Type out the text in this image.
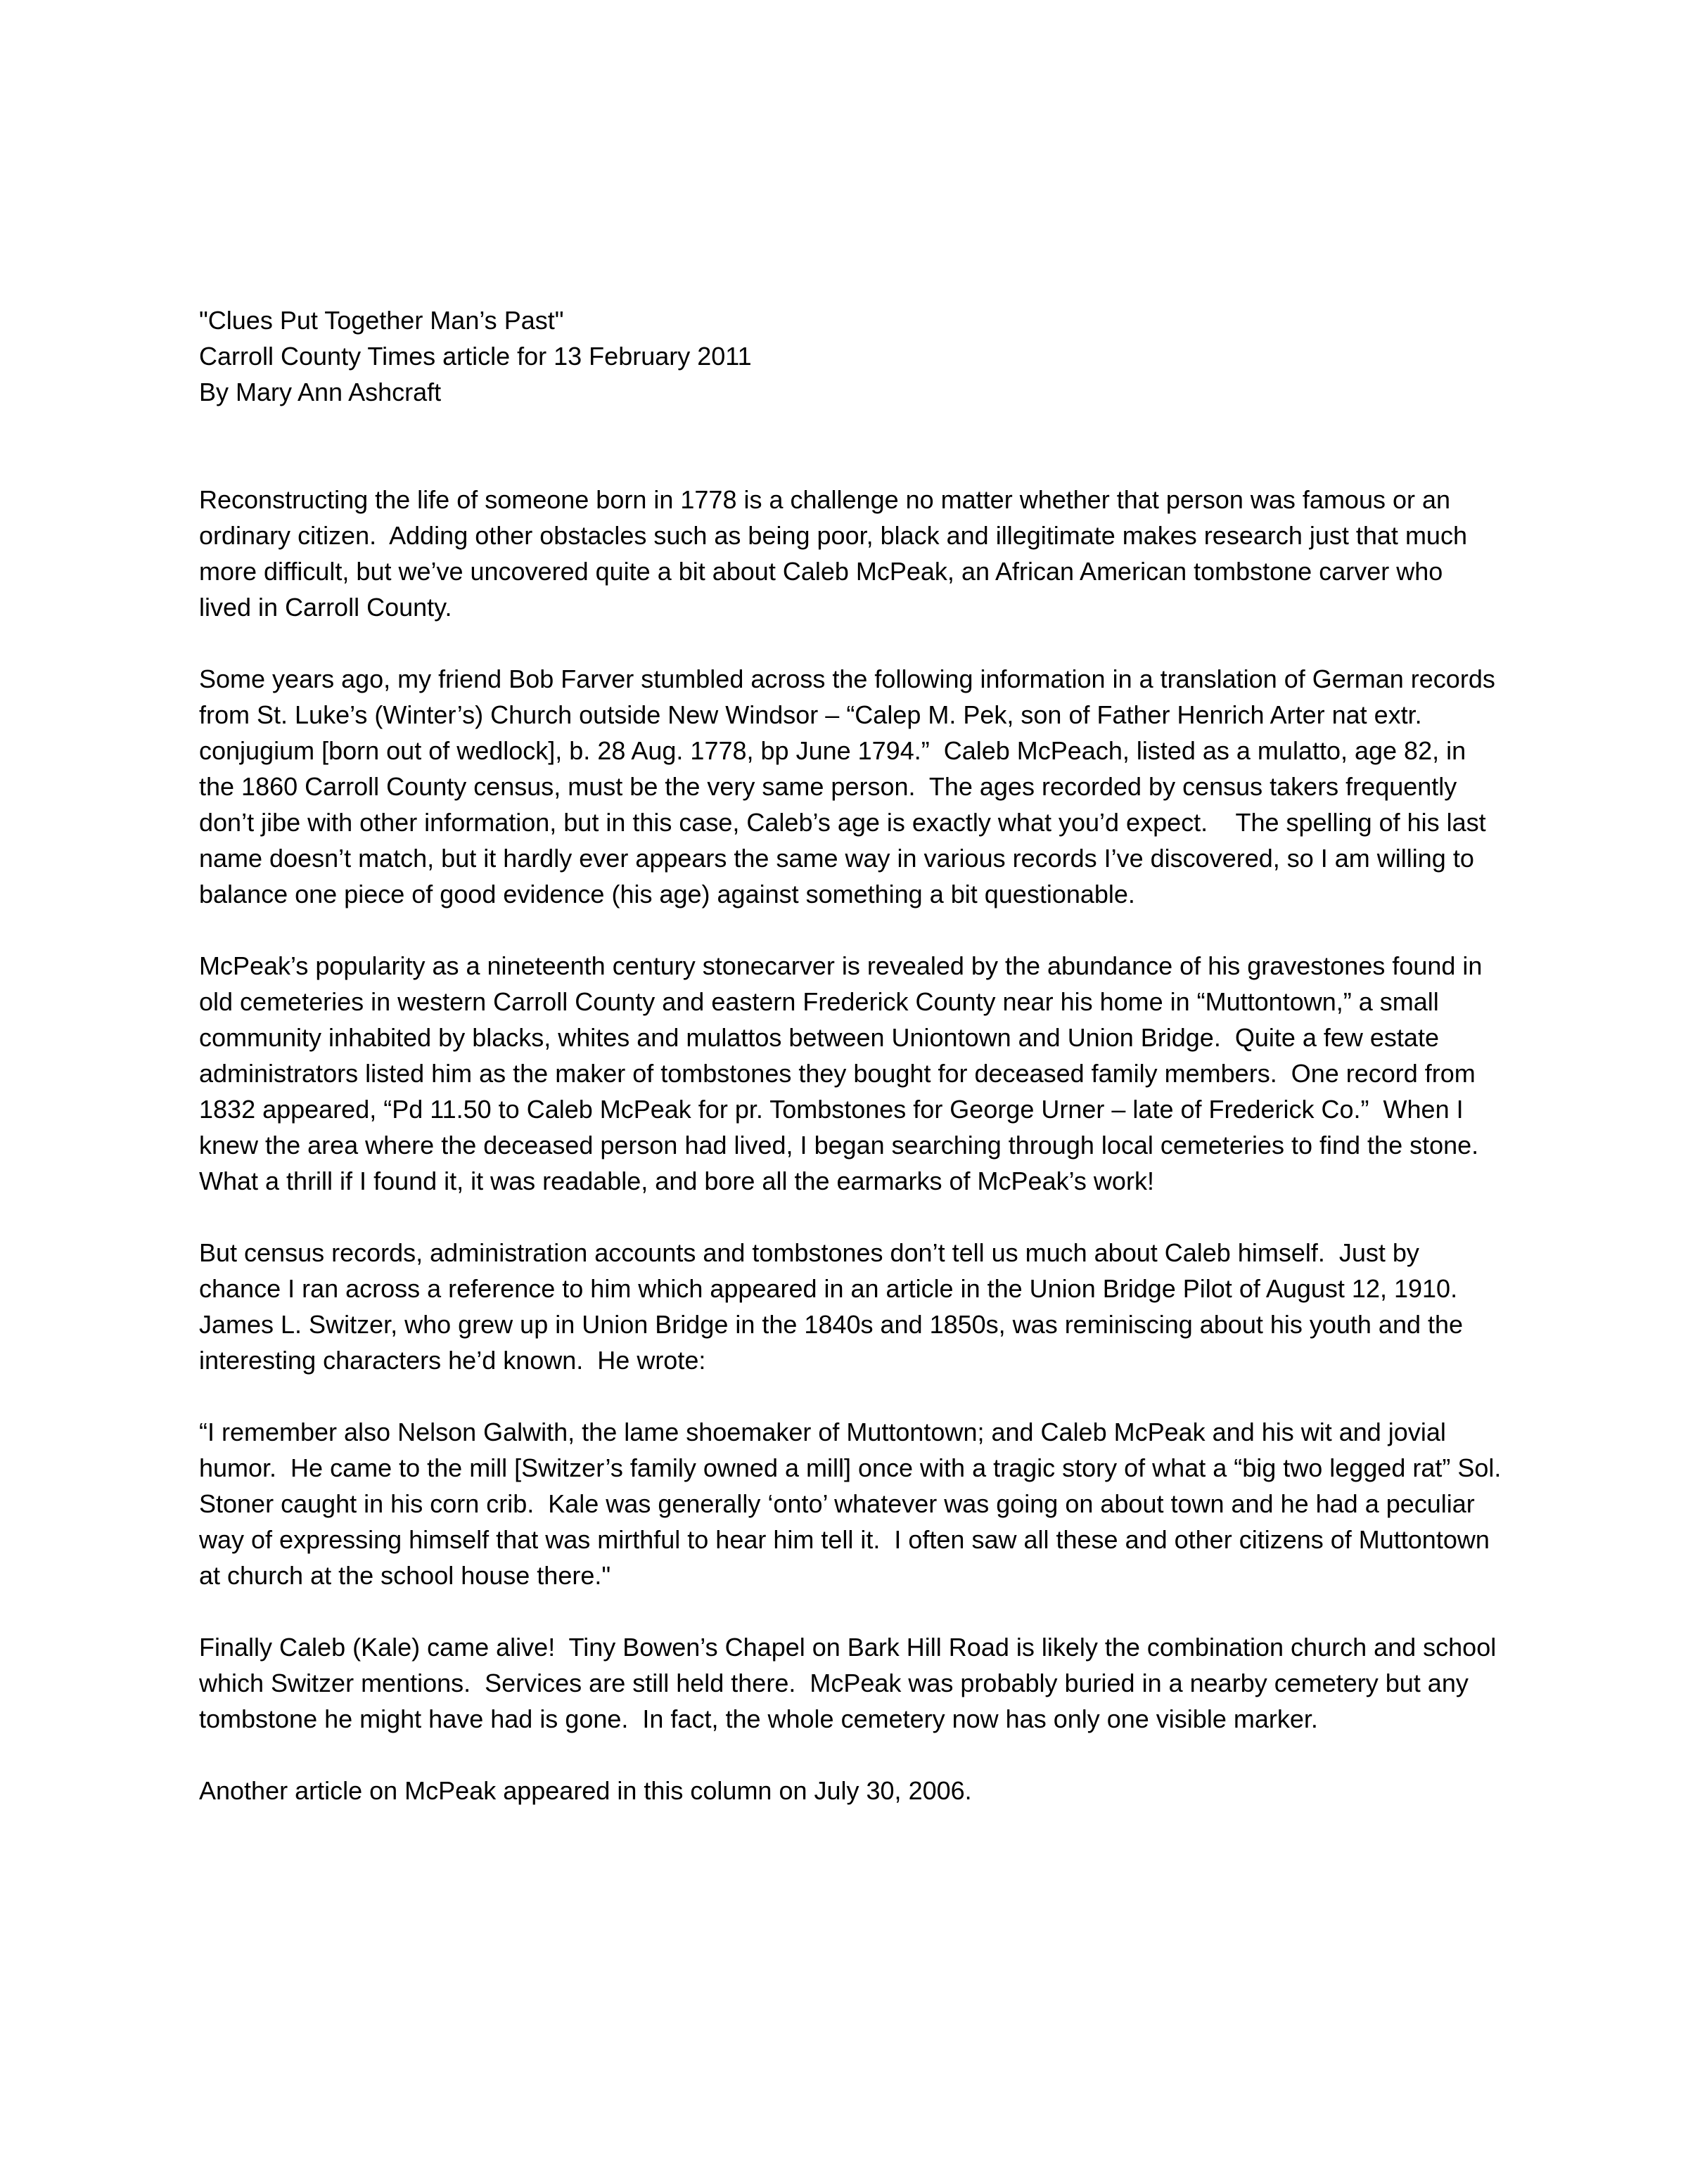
"Clues Put Together Man’s Past"

Carroll County Times article for 13 February 2011

By Mary Ann Ashcraft

Reconstructing the life of someone born in 1778 is a challenge no matter whether that person was famous or an ordinary citizen.  Adding other obstacles such as being poor, black and illegitimate makes research just that much more difficult, but we’ve uncovered quite a bit about Caleb McPeak, an African American tombstone carver who lived in Carroll County.

Some years ago, my friend Bob Farver stumbled across the following information in a translation of German records from St. Luke’s (Winter’s) Church outside New Windsor – “Calep M. Pek, son of Father Henrich Arter nat extr. conjugium [born out of wedlock], b. 28 Aug. 1778, bp June 1794.”  Caleb McPeach, listed as a mulatto, age 82, in the 1860 Carroll County census, must be the very same person.  The ages recorded by census takers frequently don’t jibe with other information, but in this case, Caleb’s age is exactly what you’d expect.    The spelling of his last name doesn’t match, but it hardly ever appears the same way in various records I’ve discovered, so I am willing to balance one piece of good evidence (his age) against something a bit questionable.

McPeak’s popularity as a nineteenth century stonecarver is revealed by the abundance of his gravestones found in old cemeteries in western Carroll County and eastern Frederick County near his home in “Muttontown,” a small community inhabited by blacks, whites and mulattos between Uniontown and Union Bridge.  Quite a few estate administrators listed him as the maker of tombstones they bought for deceased family members.  One record from 1832 appeared, “Pd 11.50 to Caleb McPeak for pr. Tombstones for George Urner – late of Frederick Co.”  When I knew the area where the deceased person had lived, I began searching through local cemeteries to find the stone.  What a thrill if I found it, it was readable, and bore all the earmarks of McPeak’s work!

But census records, administration accounts and tombstones don’t tell us much about Caleb himself.  Just by chance I ran across a reference to him which appeared in an article in the Union Bridge Pilot of August 12, 1910.  James L. Switzer, who grew up in Union Bridge in the 1840s and 1850s, was reminiscing about his youth and the interesting characters he’d known.  He wrote:

“I remember also Nelson Galwith, the lame shoemaker of Muttontown; and Caleb McPeak and his wit and jovial humor.  He came to the mill [Switzer’s family owned a mill] once with a tragic story of what a “big two legged rat” Sol. Stoner caught in his corn crib.  Kale was generally ‘onto’ whatever was going on about town and he had a peculiar way of expressing himself that was mirthful to hear him tell it.  I often saw all these and other citizens of Muttontown at church at the school house there."

Finally Caleb (Kale) came alive!  Tiny Bowen’s Chapel on Bark Hill Road is likely the combination church and school which Switzer mentions.  Services are still held there.  McPeak was probably buried in a nearby cemetery but any tombstone he might have had is gone.  In fact, the whole cemetery now has only one visible marker.

Another article on McPeak appeared in this column on July 30, 2006.
